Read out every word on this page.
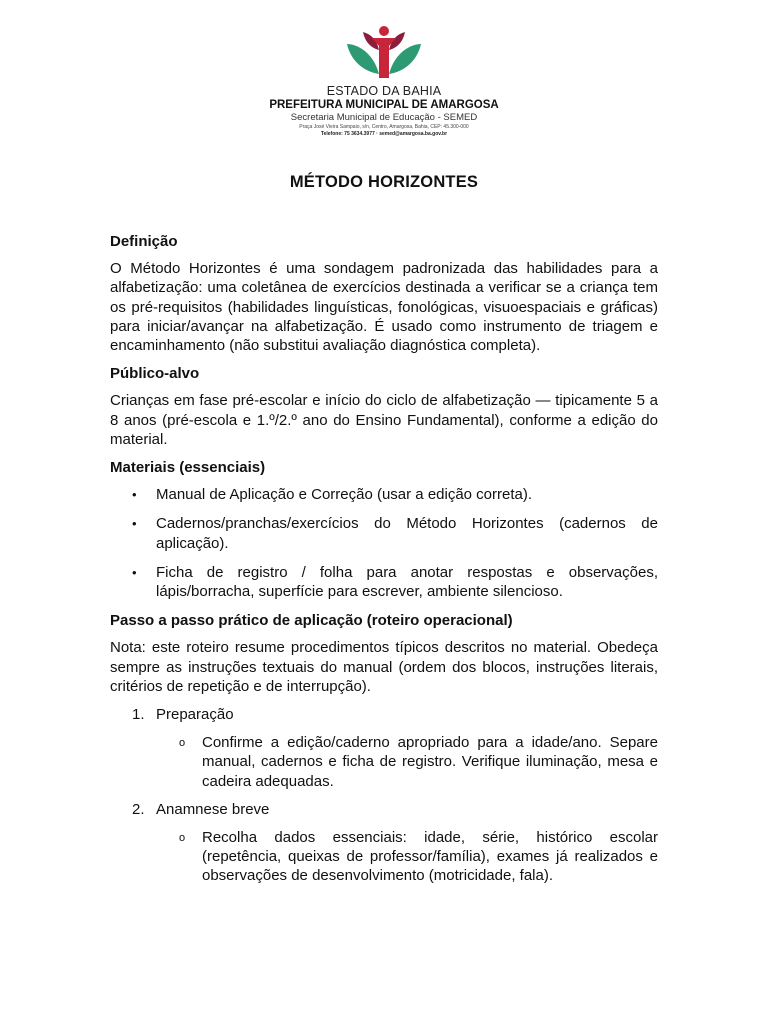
ESTADO DA BAHIA
PREFEITURA MUNICIPAL DE AMARGOSA
Secretaria Municipal de Educação - SEMED
Praça José Vieira Sampaio, s/n, Centro, Amargosa, Bahia, CEP: 45.300-000
Telefone: 75 3634.3977 · semed@amargosa.ba.gov.br
MÉTODO HORIZONTES
Definição
O Método Horizontes é uma sondagem padronizada das habilidades para a alfabetização: uma coletânea de exercícios destinada a verificar se a criança tem os pré-requisitos (habilidades linguísticas, fonológicas, visuoespaciais e gráficas) para iniciar/avançar na alfabetização. É usado como instrumento de triagem e encaminhamento (não substitui avaliação diagnóstica completa).
Público-alvo
Crianças em fase pré-escolar e início do ciclo de alfabetização — tipicamente 5 a 8 anos (pré-escola e 1.º/2.º ano do Ensino Fundamental), conforme a edição do material.
Materiais (essenciais)
• Manual de Aplicação e Correção (usar a edição correta).
• Cadernos/pranchas/exercícios do Método Horizontes (cadernos de aplicação).
• Ficha de registro / folha para anotar respostas e observações, lápis/borracha, superfície para escrever, ambiente silencioso.
Passo a passo prático de aplicação (roteiro operacional)
Nota: este roteiro resume procedimentos típicos descritos no material. Obedeça sempre as instruções textuais do manual (ordem dos blocos, instruções literais, critérios de repetição e de interrupção).
1. Preparação
o Confirme a edição/caderno apropriado para a idade/ano. Separe manual, cadernos e ficha de registro. Verifique iluminação, mesa e cadeira adequadas.
2. Anamnese breve
o Recolha dados essenciais: idade, série, histórico escolar (repetência, queixas de professor/família), exames já realizados e observações de desenvolvimento (motricidade, fala).
